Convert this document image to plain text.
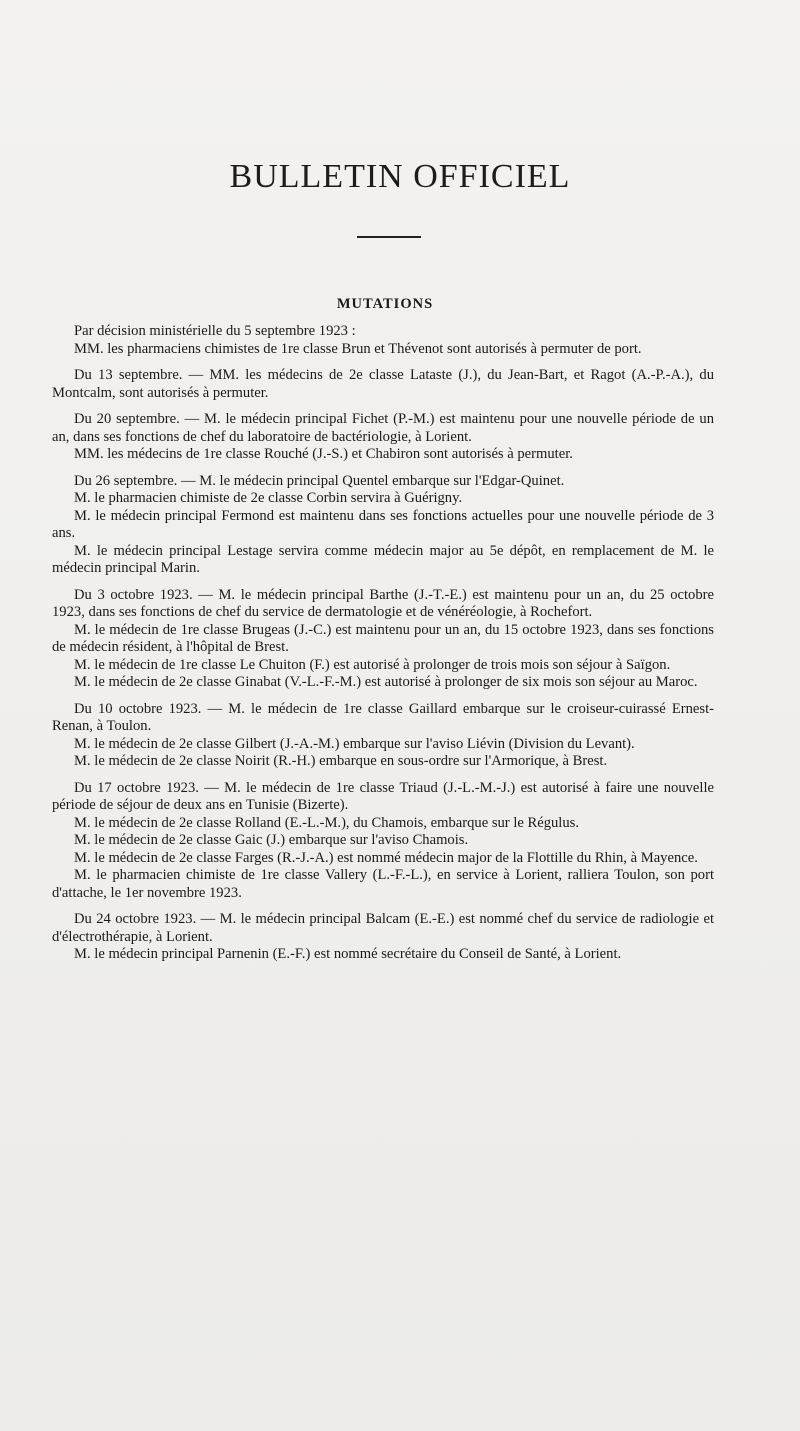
BULLETIN OFFICIEL
MUTATIONS

Par décision ministérielle du 5 septembre 1923 :

MM. les pharmaciens chimistes de 1re classe Brun et Thévenot sont autorisés à permuter de port.

Du 13 septembre. — MM. les médecins de 2e classe Lataste (J.), du Jean-Bart, et Ragot (A.-P.-A.), du Montcalm, sont autorisés à permuter.

Du 20 septembre. — M. le médecin principal Fichet (P.-M.) est maintenu pour une nouvelle période de un an, dans ses fonctions de chef du laboratoire de bactériologie, à Lorient.

MM. les médecins de 1re classe Rouché (J.-S.) et Chabiron sont autorisés à permuter.

Du 26 septembre. — M. le médecin principal Quentel embarque sur l'Edgar-Quinet.

M. le pharmacien chimiste de 2e classe Corbin servira à Guérigny.

M. le médecin principal Fermond est maintenu dans ses fonctions actuelles pour une nouvelle période de 3 ans.

M. le médecin principal Lestage servira comme médecin major au 5e dépôt, en remplacement de M. le médecin principal Marin.

Du 3 octobre 1923. — M. le médecin principal Barthe (J.-T.-E.) est maintenu pour un an, du 25 octobre 1923, dans ses fonctions de chef du service de dermatologie et de vénéréologie, à Rochefort.

M. le médecin de 1re classe Brugeas (J.-C.) est maintenu pour un an, du 15 octobre 1923, dans ses fonctions de médecin résident, à l'hôpital de Brest.

M. le médecin de 1re classe Le Chuiton (F.) est autorisé à prolonger de trois mois son séjour à Saïgon.

M. le médecin de 2e classe Ginabat (V.-L.-F.-M.) est autorisé à prolonger de six mois son séjour au Maroc.

Du 10 octobre 1923. — M. le médecin de 1re classe Gaillard embarque sur le croiseur-cuirassé Ernest-Renan, à Toulon.

M. le médecin de 2e classe Gilbert (J.-A.-M.) embarque sur l'aviso Liévin (Division du Levant).

M. le médecin de 2e classe Noirit (R.-H.) embarque en sous-ordre sur l'Armorique, à Brest.

Du 17 octobre 1923. — M. le médecin de 1re classe Triaud (J.-L.-M.-J.) est autorisé à faire une nouvelle période de séjour de deux ans en Tunisie (Bizerte).

M. le médecin de 2e classe Rolland (E.-L.-M.), du Chamois, embarque sur le Régulus.

M. le médecin de 2e classe Gaic (J.) embarque sur l'aviso Chamois.

M. le médecin de 2e classe Farges (R.-J.-A.) est nommé médecin major de la Flottille du Rhin, à Mayence.

M. le pharmacien chimiste de 1re classe Vallery (L.-F.-L.), en service à Lorient, ralliera Toulon, son port d'attache, le 1er novembre 1923.

Du 24 octobre 1923. — M. le médecin principal Balcam (E.-E.) est nommé chef du service de radiologie et d'électrothérapie, à Lorient.

M. le médecin principal Parnenin (E.-F.) est nommé secrétaire du Conseil de Santé, à Lorient.
